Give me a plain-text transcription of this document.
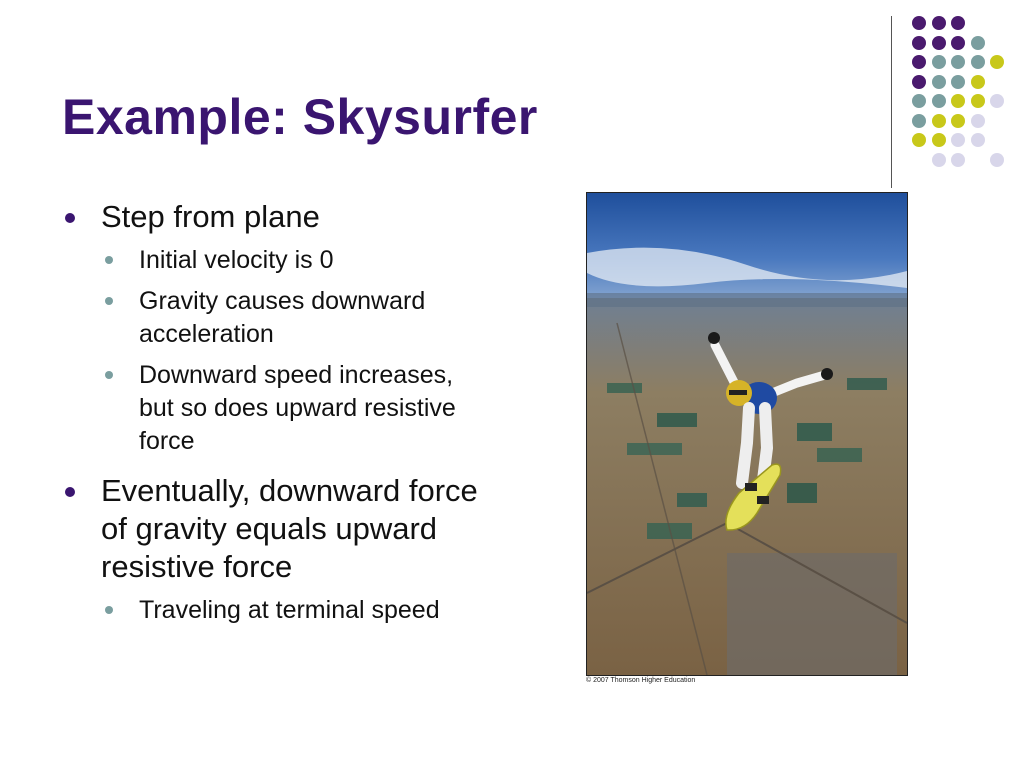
Example: Skysurfer
Step from plane
Initial velocity is 0
Gravity causes downward acceleration
Downward speed increases, but so does upward resistive force
Eventually, downward force of gravity equals upward resistive force
Traveling at terminal speed
© 2007 Thomson Higher Education
